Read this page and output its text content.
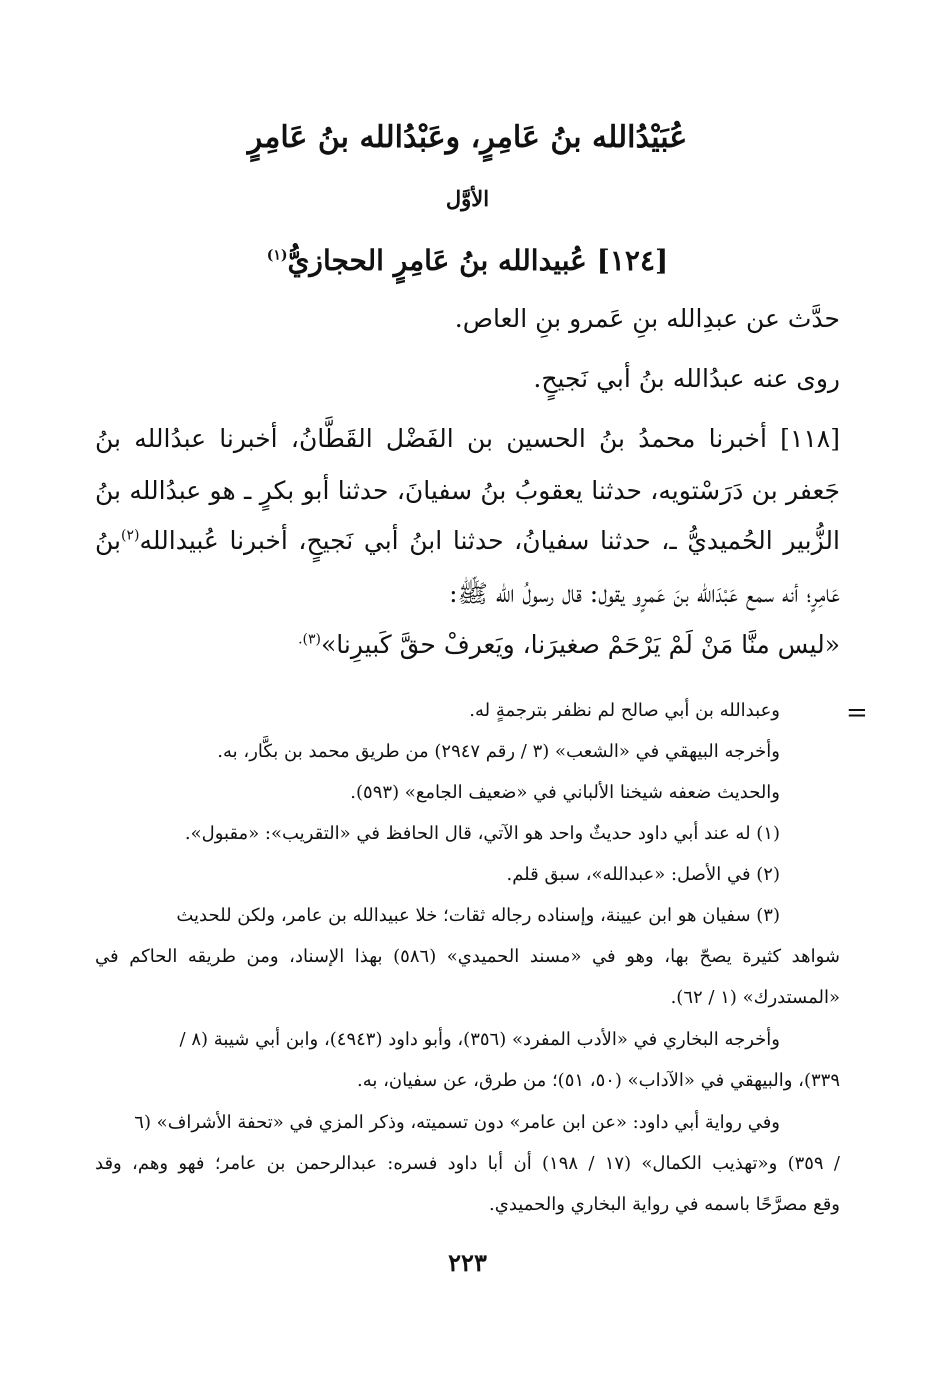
عُبَيْدُالله بنُ عَامِرٍ، وعَبْدُالله بنُ عَامِرٍ
الأوَّل
[١٢٤] عُبيدالله بنُ عَامِرٍ الحجازيُّ$^{(١)}$
حدَّث عن عبدِالله بنِ عَمرو بنِ العاص.
روى عنه عبدُالله بنُ أبي نَجيحٍ.
[١١٨] أخبرنا محمدُ بنُ الحسين بن الفَضْل القَطَّانُ، أخبرنا عبدُالله بنُ
جَعفر بن دَرَسْتويه، حدثنا يعقوبُ بنُ سفيانَ، حدثنا أبو بكرٍ ـ هو عبدُالله بنُ
الزُّبير الحُميديُّ ـ، حدثنا سفيانُ، حدثنا ابنُ أبي نَجيحٍ، أخبرنا عُبيدالله$^{(٢)}$بنُ
عَامِرٍ؛ أنه سمع عَبْدَالله بنَ عَمرٍو يقول: قال رسولُ الله ﷺ:
«ليس منَّا مَنْ لَمْ يَرْحَمْ صغيرَنا، ويَعرفْ حقَّ كَبيرِنا»$^{(٣).}$
=
وعبدالله بن أبي صالح لم نظفر بترجمةٍ له.
وأخرجه البيهقي في «الشعب» (٣ / رقم ٢٩٤٧) من طريق محمد بن بكَّار، به.
والحديث ضعفه شيخنا الألباني في «ضعيف الجامع» (٥٩٣).
(١) له عند أبي داود حديثٌ واحد هو الآتي، قال الحافظ في «التقريب»: «مقبول».
(٢) في الأصل: «عبدالله»، سبق قلم.
(٣) سفيان هو ابن عيينة، وإسناده رجاله ثقات؛ خلا عبيدالله بن عامر، ولكن للحديث
شواهد كثيرة يصحّ بها، وهو في «مسند الحميدي» (٥٨٦) بهذا الإسناد، ومن طريقه الحاكم في
«المستدرك» (١ / ٦٢).
وأخرجه البخاري في «الأدب المفرد» (٣٥٦)، وأبو داود (٤٩٤٣)، وابن أبي شيبة (٨ /
٣٣٩)، والبيهقي في «الآداب» (٥٠، ٥١)؛ من طرق، عن سفيان، به.
وفي رواية أبي داود: «عن ابن عامر» دون تسميته، وذكر المزي في «تحفة الأشراف» (٦
/ ٣٥٩) و«تهذيب الكمال» (١٧ / ١٩٨) أن أبا داود فسره: عبدالرحمن بن عامر؛ فهو وهم، وقد
وقع مصرَّحًا باسمه في رواية البخاري والحميدي.
٢٢٣
